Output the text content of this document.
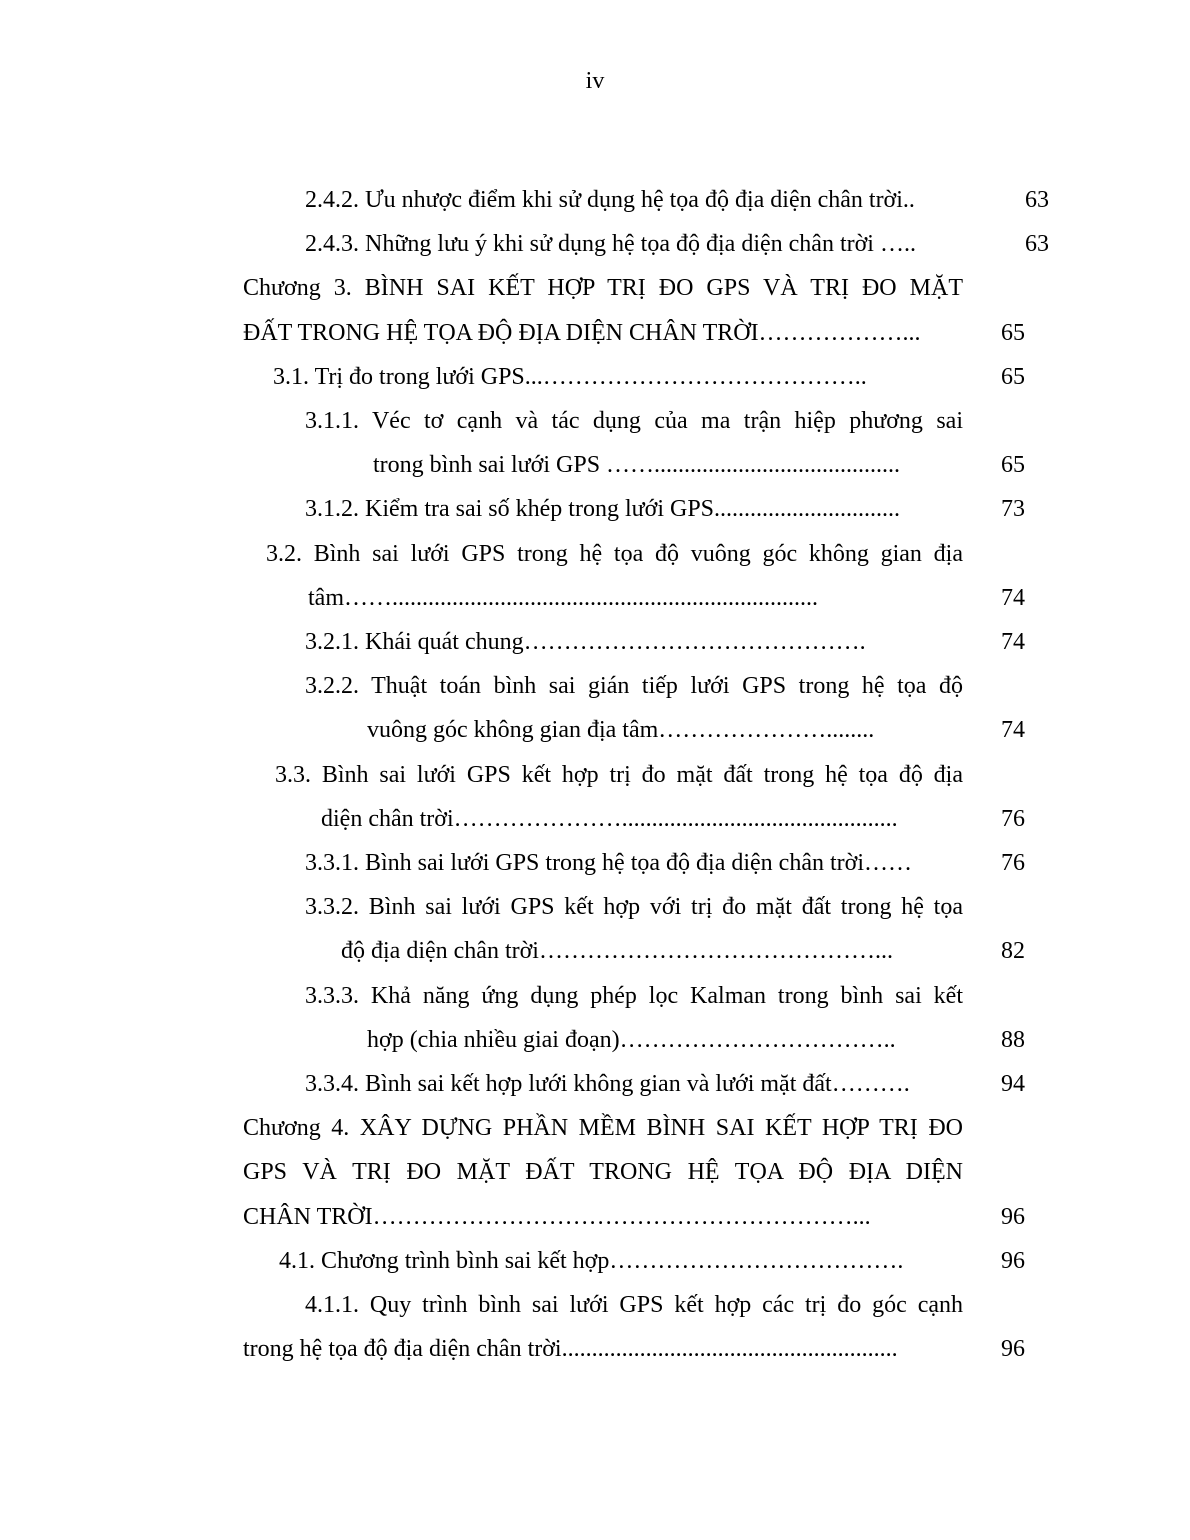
iv
2.4.2. Ưu nhược điểm khi sử dụng hệ tọa độ địa diện chân trời..	63
2.4.3. Những lưu ý khi sử dụng hệ tọa độ địa diện chân trời …..	63
Chương 3. BÌNH SAI KẾT HỢP TRỊ ĐO GPS VÀ TRỊ ĐO MẶT
ĐẤT TRONG HỆ TỌA ĐỘ ĐỊA DIỆN CHÂN TRỜI………………...	65
3.1. Trị đo trong lưới GPS...…………………………………..	65
3.1.1. Véc tơ cạnh và tác dụng của ma trận hiệp phương sai
trong bình sai lưới GPS …….........................................	65
3.1.2. Kiểm tra sai số khép trong lưới GPS...............................	73
3.2. Bình sai lưới GPS trong hệ tọa độ vuông góc không gian địa
tâm…….......................................................................	74
3.2.1. Khái quát chung…………………………………….	74
3.2.2. Thuật toán bình sai gián tiếp lưới GPS trong hệ tọa độ
vuông góc không gian địa tâm…………………........	74
3.3. Bình sai lưới GPS kết hợp trị đo mặt đất trong hệ tọa độ địa
diện chân trời…………………..............................................	76
3.3.1. Bình sai lưới GPS trong hệ tọa độ địa diện chân trời……	76
3.3.2. Bình sai lưới GPS kết hợp với trị đo mặt đất trong hệ tọa
độ địa diện chân trời……………………………………...	82
3.3.3. Khả năng ứng dụng phép lọc Kalman trong bình sai kết
hợp (chia nhiều giai đoạn)……………………………..	88
3.3.4. Bình sai kết hợp lưới không gian và lưới mặt đất……….	94
Chương 4. XÂY DỰNG PHẦN MỀM BÌNH SAI KẾT HỢP TRỊ ĐO
GPS VÀ TRỊ ĐO MẶT ĐẤT TRONG HỆ TỌA ĐỘ ĐỊA DIỆN
CHÂN TRỜI……………………………………………………...	96
4.1. Chương trình bình sai kết hợp……………………………….	96
4.1.1. Quy trình bình sai lưới GPS kết hợp các trị đo góc cạnh
trong hệ tọa độ địa diện chân trời........................................................	96
